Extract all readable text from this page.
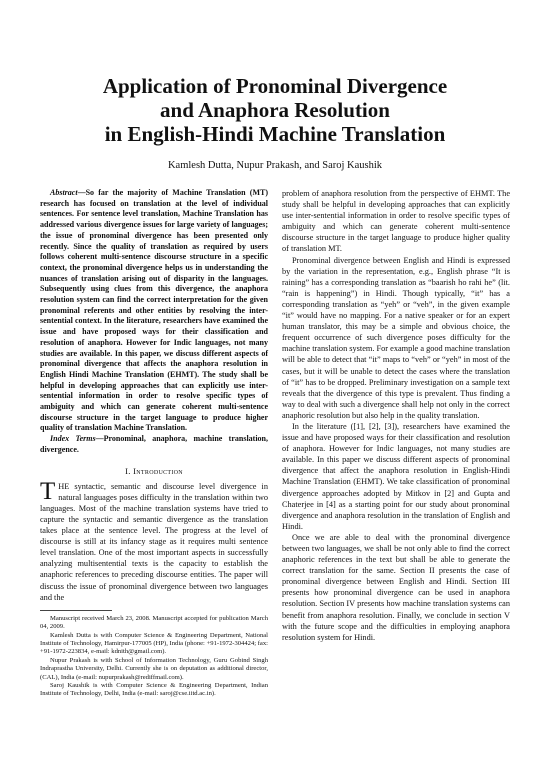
Application of Pronominal Divergence
and Anaphora Resolution
in English-Hindi Machine Translation
Kamlesh Dutta, Nupur Prakash, and Saroj Kaushik

Abstract—So far the majority of Machine Translation (MT) research has focused on translation at the level of individual sentences. For sentence level translation, Machine Translation has addressed various divergence issues for large variety of languages; the issue of pronominal divergence has been presented only recently. Since the quality of translation as required by users follows coherent multi-sentence discourse structure in a specific context, the pronominal divergence helps us in understanding the nuances of translation arising out of disparity in the languages. Subsequently using clues from this divergence, the anaphora resolution system can find the correct interpretation for the given pronominal referents and other entities by resolving the inter-sentential context. In the literature, researchers have examined the issue and have proposed ways for their classification and resolution of anaphora. However for Indic languages, not many studies are available. In this paper, we discuss different aspects of pronominal divergence that affects the anaphora resolution in English Hindi Machine Translation (EHMT). The study shall be helpful in developing approaches that can explicitly use inter-sentential information in order to resolve specific types of ambiguity and which can generate coherent multi-sentence discourse structure in the target language to produce higher quality of translation Machine Translation.

Index Terms—Pronominal, anaphora, machine translation, divergence.

I. Introduction

THE syntactic, semantic and discourse level divergence in natural languages poses difficulty in the translation within two languages. Most of the machine translation systems have tried to capture the syntactic and semantic divergence as the translation takes place at the sentence level. The progress at the level of discourse is still at its infancy stage as it requires multi sentence level translation. One of the most important aspects in successfully analyzing multisentential texts is the capacity to establish the anaphoric references to preceding discourse entities. The paper will discuss the issue of pronominal divergence between two languages and the

Manuscript received March 23, 2008. Manuscript accepted for publication March 04, 2009.

Kamlesh Dutta is with Computer Science & Engineering Department, National Institute of Technology, Hamirpur-177005 (HP), India (phone: +91-1972-304424; fax: +91-1972-223834, e-mail: kdnith@gmail.com).

Nupur Prakash is with School of Information Technology, Guru Gobind Singh Indraprastha University, Delhi. Currently she is on deputation as additional director, (CAL), India (e-mail: nupurprakash@rediffmail.com).

Saroj Kaushik is with Computer Science & Engineering Department, Indian Institute of Technology, Delhi, India (e-mail: saroj@cse.iitd.ac.in).

problem of anaphora resolution from the perspective of EHMT. The study shall be helpful in developing approaches that can explicitly use inter-sentential information in order to resolve specific types of ambiguity and which can generate coherent multi-sentence discourse structure in the target language to produce higher quality of translation MT.

Pronominal divergence between English and Hindi is expressed by the variation in the representation, e.g., English phrase “It is raining” has a corresponding translation as “baarish ho rahi he” (lit. “rain is happening”) in Hindi. Though typically, “it” has a corresponding translation as “yeh” or “veh”, in the given example “it” would have no mapping. For a native speaker or for an expert human translator, this may be a simple and obvious choice, the frequent occurrence of such divergence poses difficulty for the machine translation system. For example a good machine translation will be able to detect that “it” maps to “veh” or “yeh” in most of the cases, but it will be unable to detect the cases where the translation of “it” has to be dropped. Preliminary investigation on a sample text reveals that the divergence of this type is prevalent. Thus finding a way to deal with such a divergence shall help not only in the correct anaphoric resolution but also help in the quality translation.

In the literature ([1], [2], [3]), researchers have examined the issue and have proposed ways for their classification and resolution of anaphora. However for Indic languages, not many studies are available. In this paper we discuss different aspects of pronominal divergence that affect the anaphora resolution in English-Hindi Machine Translation (EHMT). We take classification of pronominal divergence approaches adopted by Mitkov in [2] and Gupta and Chaterjee in [4] as a starting point for our study about pronominal divergence and anaphora resolution in the translation of English and Hindi.

Once we are able to deal with the pronominal divergence between two languages, we shall be not only able to find the correct anaphoric references in the text but shall be able to generate the correct translation for the same. Section II presents the case of pronominal divergence between English and Hindi. Section III presents how pronominal divergence can be used in anaphora resolution. Section IV presents how machine translation systems can benefit from anaphora resolution. Finally, we conclude in section V with the future scope and the difficulties in employing anaphora resolution system for Hindi.
